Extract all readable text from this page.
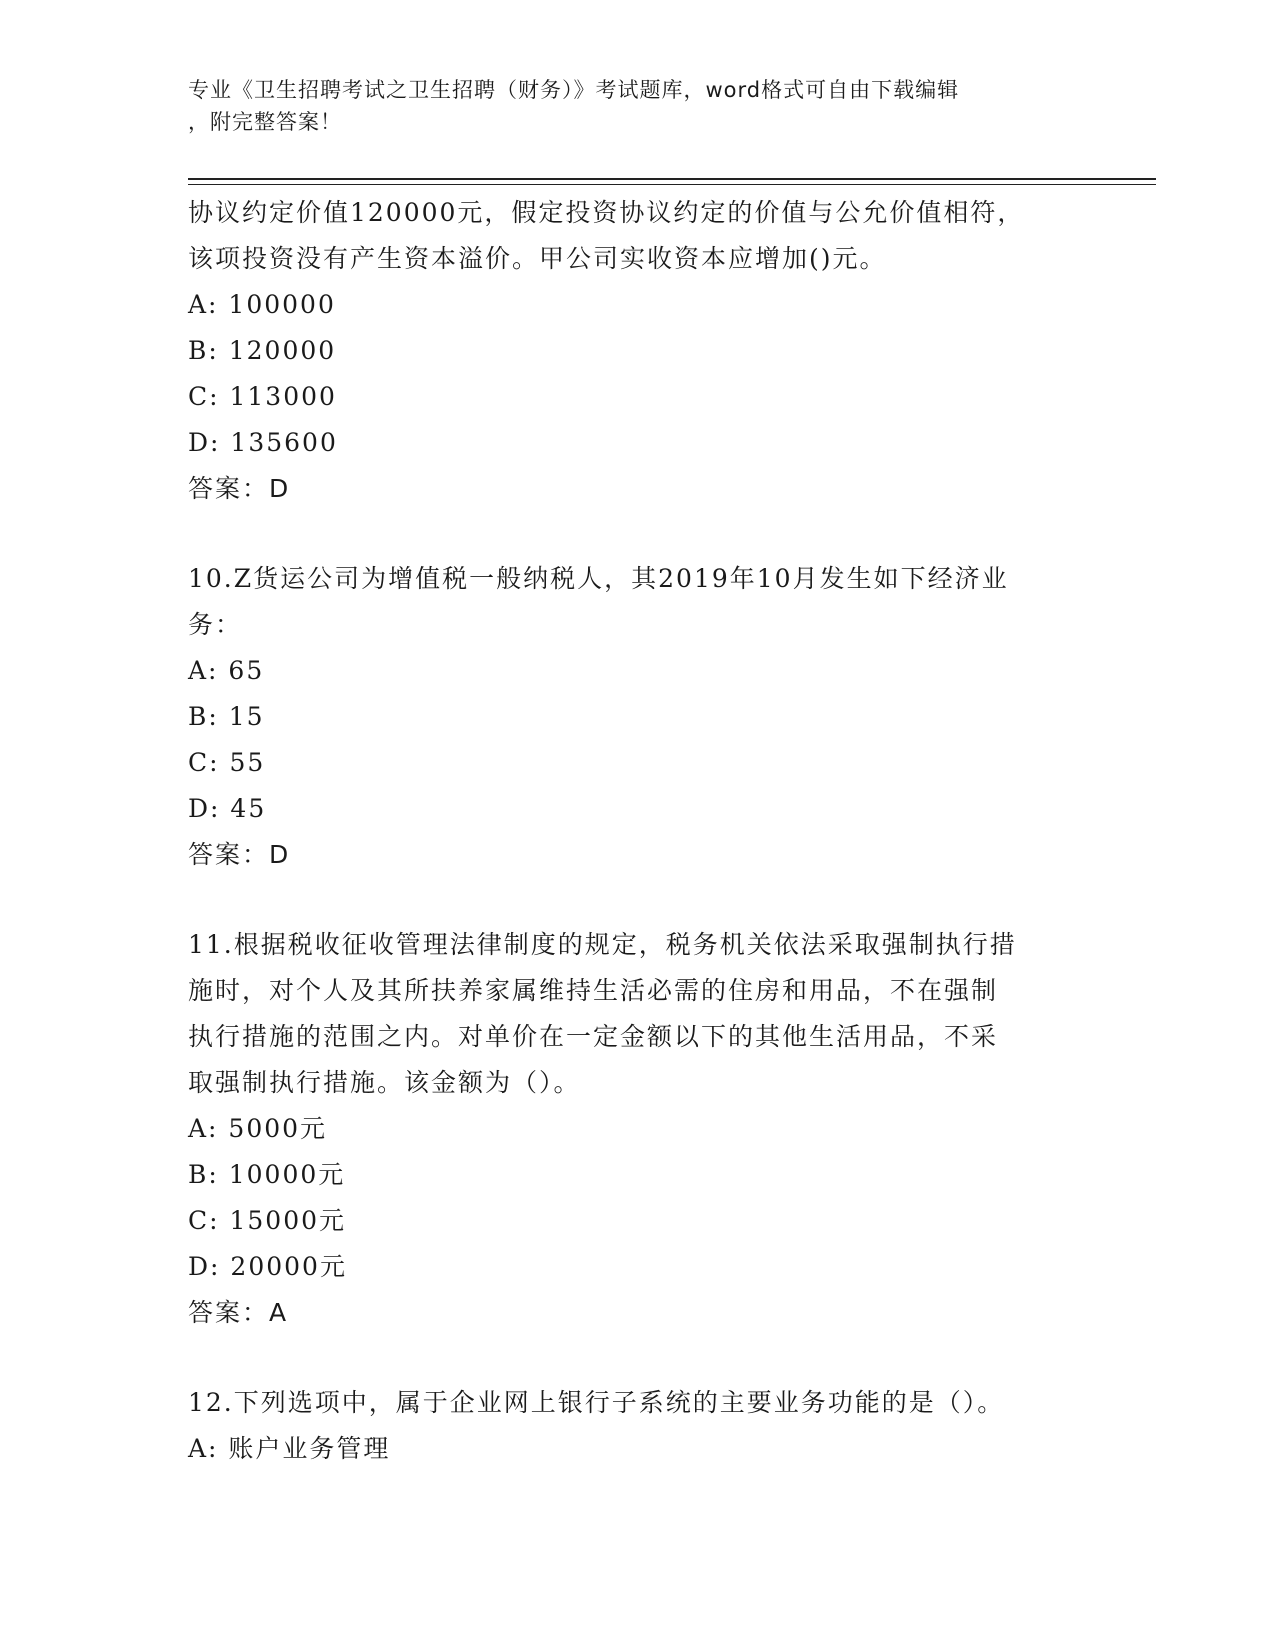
专业《卫生招聘考试之卫生招聘（财务）》考试题库，word格式可自由下载编辑
，附完整答案！
协议约定价值120000元，假定投资协议约定的价值与公允价值相符，
该项投资没有产生资本溢价。甲公司实收资本应增加()元。
A: 100000
B: 120000
C: 113000
D: 135600
答案：D
10.Z货运公司为增值税一般纳税人，其2019年10月发生如下经济业
务：
A: 65
B: 15
C: 55
D: 45
答案：D
11.根据税收征收管理法律制度的规定，税务机关依法采取强制执行措
施时，对个人及其所扶养家属维持生活必需的住房和用品，不在强制
执行措施的范围之内。对单价在一定金额以下的其他生活用品，不采
取强制执行措施。该金额为（）。
A: 5000元
B: 10000元
C: 15000元
D: 20000元
答案：A
12.下列选项中，属于企业网上银行子系统的主要业务功能的是（）。
A: 账户业务管理
